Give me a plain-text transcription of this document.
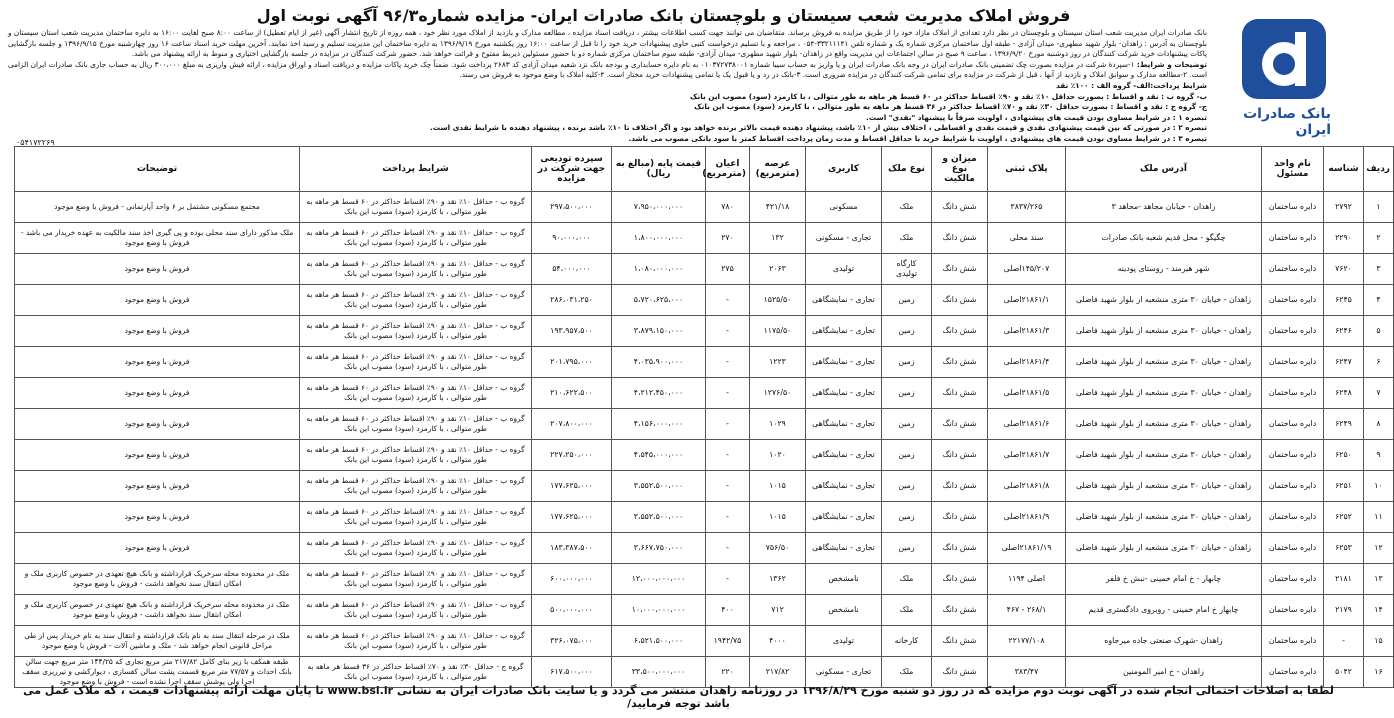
بانک صادرات ایران
فروش املاک مدیریت شعب سیستان و بلوچستان بانک صادرات ایران- مزایده شماره۹۶/۳ آگهی نوبت اول

بانک صادرات ایران مدیریت شعب استان سیستان و بلوچستان در نظر دارد تعدادی از املاک مازاد خود را از طریق مزایده به فروش برساند. متقاضیان می توانند جهت کسب اطلاعات بیشتر ، دریافت اسناد مزایده ، مطالعه مدارک و بازدید از املاک مورد نظر خود ، همه روزه از تاریخ انتشار آگهی (غیر از ایام تعطیل) از ساعت ۸:۰۰ صبح لغایت ۱۶:۰۰ به دایره ساختمان مدیریت شعب استان سیستان و بلوچستان به آدرس : زاهدان- بلوار شهید مطهری- میدان آزادی - طبقه اول ساختمان مرکزی شماره یک و شماره تلفن ۳۳۲۱۱۱۴۱-۰۵۴ ، مراجعه و با تسلیم درخواست کتبی حاوی پیشنهادات خرید خود را تا قبل از ساعت ۱۶:۰۰ روز یکشنبه مورخ ۱۳۹۶/۹/۱۹ به دایره ساختمان این مدیریت تسلیم و رسید اخذ نمایند. آخرین مهلت خرید اسناد ساعت ۱۶ روز چهارشنبه مورخ ۱۳۹۶/۹/۱۵ و جلسه بازگشایی پاکات پیشنهادات خرید شرکت کنندگان در روز دوشنبه مورخ ۱۳۹۶/۹/۲۰ ، ساعت ۹ صبح در سالن اجتماعات این مدیریت واقع در زاهدان- بلوار شهید مطهری- میدان آزادی- طبقه سوم ساختمان مرکزی شماره دو با حضور مسئولین ذیربط مفتوح و قرائت خواهد شد. حضور شرکت کنندگان در مزایده در جلسه بازگشایی اختیاری و منوط به ارائه پیشنهاد می باشد.

توضیحات و شرایط: ۱-سپردۀ شرکت در مزایده بصورت چک تضمینی بانک صادرات ایران در وجه بانک صادرات ایران و یا واریز به حساب سیبا شماره ۰۱۰۳۷۲۷۳۸۰۰۱ به نام دایره حسابداری و بودجه بانک نزد شعبه میدان آزادی کد ۲۶۸۳ پرداخت شود. ضمناً چک خرید پاکات مزایده و دریافت اسناد و اوراق مزایده ، ارائه فیش واریزی به مبلغ ۳۰۰،۰۰۰ ریال به حساب جاری بانک صادرات ایران الزامی است. ۲-مطالعه مدارک و سوابق املاک و بازدید از آنها ، قبل از شرکت در مزایده برای تمامی شرکت کنندگان در مزایده ضروری است. ۳-بانک در رد و یا قبول یک یا تمامی پیشنهادات خرید مختار است. ۴-کلیه املاک با وضع موجود به فروش می رسند.

شرایط پرداخت:الف- گروه الف : ۱۰۰٪ نقد

ب- گروه ب : نقد و اقساط : بصورت حداقل ۱۰٪ نقد و ۹۰٪ اقساط حداکثر در ۶۰ قسط هر ماهه به طور متوالی ، با کارمزد (سود) مصوب این بانک

ج- گروه ج : نقد و اقساط : بصورت حداقل ۳۰٪ نقد و ۷۰٪ اقساط حداکثر در ۳۶ قسط هر ماهه به طور متوالی ، با کارمزد (سود) مصوب این بانک

تبصره ۱ : در شرایط مساوی بودن قیمت های پیشنهادی ، اولویت صرفاً با پیشنهاد "نقدی" است.

تبصره ۲ : در صورتی که بین قیمت پیشنهادی نقدی و قیمت نقدی و اقساطی ، اختلاف بیش از ۱۰٪ باشد، پیشنهاد دهنده قیمت بالاتر برنده خواهد بود و اگر اختلاف تا ۱۰٪ باشد برنده ، پیشنهاد دهنده با شرایط نقدی است.

تبصره ۳ : در شرایط مساوی بودن قیمت های پیشنهادی ، اولویت با شرایط خرید با حداقل اقساط و مدت زمان پرداخت اقساط کمتر با سود بانکی مصوب می باشد.

۰۵۴۱۷۲۲۶۹
ردیف	شناسه	نام واحد مسئول	آدرس ملک	پلاک ثبتی	میزان و نوع مالکیت	نوع ملک	کاربری	عرصه (مترمربع)	اعیان (مترمربع)	قیمت پایه (مبالغ به ریال)	سپرده تودیعی جهت شرکت در مزایده	شرایط پرداخت	توضیحات
۱	۲۷۹۲	دایره ساختمان	زاهدان - خیابان مجاهد -مجاهد ۳	۳۸۳۷/۲۶۵	شش دانگ	ملک	مسکونی	۴۲۱/۱۸	۷۸۰	۷،۹۵۰،۰۰۰،۰۰۰	۲۹۷،۵۰۰،۰۰۰	گروه ب - حداقل ۱۰٪ نقد و ۹۰٪ اقساط حداکثر در ۶۰ قسط هر ماهه به طور متوالی ، با کارمزد (سود) مصوب این بانک	مجتمع مسکونی مشتمل بر ۶ واحد آپارتمانی - فروش با وضع موجود
۲	۲۲۹۰	دایره ساختمان	چگیگو - محل قدیم شعبه بانک صادرات	سند محلی	شش دانگ	ملک	تجاری - مسکونی	۱۳۲	۲۷۰	۱،۸۰۰،۰۰۰،۰۰۰	۹۰،۰۰۰،۰۰۰	گروه ب - حداقل ۱۰٪ نقد و ۹۰٪ اقساط حداکثر در ۶۰ قسط هر ماهه به طور متوالی ، با کارمزد (سود) مصوب این بانک	ملک مذکور دارای سند محلی بوده و پی گیری اخذ سند مالکیت به عهده خریدار می باشد - فروش با وضع موجود
۳	۷۶۲۰	دایره ساختمان	شهر هیرمند - روستای پودینه	۱۴۵/۲۰۷اصلی	شش دانگ	کارگاه تولیدی	تولیدی	۲۰۶۳	۲۷۵	۱،۰۸۰،۰۰۰،۰۰۰	۵۴،۰۰۰،۰۰۰	گروه ب - حداقل ۱۰٪ نقد و ۹۰٪ اقساط حداکثر در ۶۰ قسط هر ماهه به طور متوالی ، با کارمزد (سود) مصوب این بانک	فروش با وضع موجود
۴	۶۲۴۵	دایره ساختمان	زاهدان - خیابان ۳۰ متری منشعبه از بلوار شهید فاضلی	۲۱۸۶۱/۱اصلی	شش دانگ	زمین	تجاری - نمایشگاهی	۱۵۲۵/۵۰	-	۵،۷۲۰،۶۲۵،۰۰۰	۲۸۶،۰۳۱،۲۵۰	گروه ب - حداقل ۱۰٪ نقد و ۹۰٪ اقساط حداکثر در ۶۰ قسط هر ماهه به طور متوالی ، با کارمزد (سود) مصوب این بانک	فروش با وضع موجود
۵	۶۲۴۶	دایره ساختمان	زاهدان - خیابان ۳۰ متری منشعبه از بلوار شهید فاضلی	۲۱۸۶۱/۳اصلی	شش دانگ	زمین	تجاری - نمایشگاهی	۱۱۷۵/۵۰	-	۳،۸۷۹،۱۵۰،۰۰۰	۱۹۳،۹۵۷،۵۰۰	گروه ب - حداقل ۱۰٪ نقد و ۹۰٪ اقساط حداکثر در ۶۰ قسط هر ماهه به طور متوالی ، با کارمزد (سود) مصوب این بانک	فروش با وضع موجود
۶	۶۲۴۷	دایره ساختمان	زاهدان - خیابان ۳۰ متری منشعبه از بلوار شهید فاضلی	۲۱۸۶۱/۴اصلی	شش دانگ	زمین	تجاری - نمایشگاهی	۱۲۲۳	-	۴،۰۳۵،۹۰۰،۰۰۰	۲۰۱،۷۹۵،۰۰۰	گروه ب - حداقل ۱۰٪ نقد و ۹۰٪ اقساط حداکثر در ۶۰ قسط هر ماهه به طور متوالی ، با کارمزد (سود) مصوب این بانک	فروش با وضع موجود
۷	۶۲۴۸	دایره ساختمان	زاهدان - خیابان ۳۰ متری منشعبه از بلوار شهید فاضلی	۲۱۸۶۱/۵اصلی	شش دانگ	زمین	تجاری - نمایشگاهی	۱۲۷۶/۵۰	-	۴،۲۱۲،۴۵۰،۰۰۰	۲۱۰،۶۲۲،۵۰۰	گروه ب - حداقل ۱۰٪ نقد و ۹۰٪ اقساط حداکثر در ۶۰ قسط هر ماهه به طور متوالی ، با کارمزد (سود) مصوب این بانک	فروش با وضع موجود
۸	۶۲۴۹	دایره ساختمان	زاهدان - خیابان ۳۰ متری منشعبه از بلوار شهید فاضلی	۲۱۸۶۱/۶اصلی	شش دانگ	زمین	تجاری - نمایشگاهی	۱۰۲۹	-	۴،۱۵۶،۰۰۰،۰۰۰	۲۰۷،۸۰۰،۰۰۰	گروه ب - حداقل ۱۰٪ نقد و ۹۰٪ اقساط حداکثر در ۶۰ قسط هر ماهه به طور متوالی ، با کارمزد (سود) مصوب این بانک	فروش با وضع موجود
۹	۶۲۵۰	دایره ساختمان	زاهدان - خیابان ۳۰ متری منشعبه از بلوار شهید فاضلی	۲۱۸۶۱/۷اصلی	شش دانگ	زمین	تجاری - نمایشگاهی	۱۰۲۰	-	۴،۵۴۵،۰۰۰،۰۰۰	۲۲۷،۲۵۰،۰۰۰	گروه ب - حداقل ۱۰٪ نقد و ۹۰٪ اقساط حداکثر در ۶۰ قسط هر ماهه به طور متوالی ، با کارمزد (سود) مصوب این بانک	فروش با وضع موجود
۱۰	۶۲۵۱	دایره ساختمان	زاهدان - خیابان ۳۰ متری منشعبه از بلوار شهید فاضلی	۲۱۸۶۱/۸اصلی	شش دانگ	زمین	تجاری - نمایشگاهی	۱۰۱۵	-	۳،۵۵۲،۵۰۰،۰۰۰	۱۷۷،۶۲۵،۰۰۰	گروه ب - حداقل ۱۰٪ نقد و ۹۰٪ اقساط حداکثر در ۶۰ قسط هر ماهه به طور متوالی ، با کارمزد (سود) مصوب این بانک	فروش با وضع موجود
۱۱	۶۲۵۲	دایره ساختمان	زاهدان - خیابان ۳۰ متری منشعبه از بلوار شهید فاضلی	۲۱۸۶۱/۹اصلی	شش دانگ	زمین	تجاری - نمایشگاهی	۱۰۱۵	-	۳،۵۵۲،۵۰۰،۰۰۰	۱۷۷،۶۲۵،۰۰۰	گروه ب - حداقل ۱۰٪ نقد و ۹۰٪ اقساط حداکثر در ۶۰ قسط هر ماهه به طور متوالی ، با کارمزد (سود) مصوب این بانک	فروش با وضع موجود
۱۲	۶۲۵۳	دایره ساختمان	زاهدان - خیابان ۳۰ متری منشعبه از بلوار شهید فاضلی	۲۱۸۶۱/۱۹اصلی	شش دانگ	زمین	تجاری - نمایشگاهی	۷۵۶/۵۰	-	۳،۶۶۷،۷۵۰،۰۰۰	۱۸۳،۳۸۷،۵۰۰	گروه ب - حداقل ۱۰٪ نقد و ۹۰٪ اقساط حداکثر در ۶۰ قسط هر ماهه به طور متوالی ، با کارمزد (سود) مصوب این بانک	فروش با وضع موجود
۱۳	۲۱۸۱	دایره ساختمان	چابهار - خ امام خمینی -نبش خ فلفر	اصلی ۱۱۹۴	شش دانگ	ملک	نامشخص	۱۳۶۲	-	۱۲،۰۰۰،۰۰۰،۰۰۰	۶۰۰،۰۰۰،۰۰۰	گروه ب - حداقل ۱۰٪ نقد و ۹۰٪ اقساط حداکثر در ۶۰ قسط هر ماهه به طور متوالی ، با کارمزد (سود) مصوب این بانک	ملک در محدوده محله سرخریک قرارداشته و بانک هیچ تعهدی در خصوص کاربری ملک و امکان انتقال سند نخواهد داشت - فروش با وضع موجود
۱۴	۲۱۷۹	دایره ساختمان	چابهار خ امام خمینی - روبروی دادگستری قدیم	۲۶۸/۱ - ۴۶۷	شش دانگ	ملک	نامشخص	۷۱۲	۴۰۰	۱۰،۰۰۰،۰۰۰،۰۰۰	۵۰۰،۰۰۰،۰۰۰	گروه ب - حداقل ۱۰٪ نقد و ۹۰٪ اقساط حداکثر در ۶۰ قسط هر ماهه به طور متوالی ، با کارمزد (سود) مصوب این بانک	ملک در محدوده محله سرخریک قرارداشته و بانک هیچ تعهدی در خصوص کاربری ملک و امکان انتقال سند نخواهد داشت - فروش با وضع موجود
۱۵	-	دایره ساختمان	زاهدان -شهرک صنعتی جاده میرجاوه	۲۲۱۷۷/۱۰۸	شش دانگ	کارخانه	تولیدی	۴۰۰۰	۱۹۴۲/۷۵	۶،۵۲۱،۵۰۰،۰۰۰	۳۲۶،۰۷۵،۰۰۰	گروه ب - حداقل ۱۰٪ نقد و ۹۰٪ اقساط حداکثر در ۶۰ قسط هر ماهه به طور متوالی ، با کارمزد (سود) مصوب این بانک	ملک در مرحله انتقال سند به نام بانک قرارداشته و انتقال سند به نام خریدار پس از طی مراحل قانونی انجام خواهد شد - ملک و ماشین آلات - فروش با وضع موجود
۱۶	۵۰۴۲	دایره ساختمان	زاهدان - خ امیر المومنین	۳۸۳/۴۷	شش دانگ	ملک	تجاری - مسکونی	۲۱۷/۸۲	۲۲۰	۳۳،۵۰۰،۰۰۰،۰۰۰	۶۱۷،۵۰۰،۰۰۰	گروه ج - حداقل ۳۰٪ نقد و ۷۰٪ اقساط حداکثر در ۳۶ قسط هر ماهه به طور متوالی ، با کارمزد (سود) مصوب این بانک	طبقه همکف با زیر بنای کامل ۲۱۷/۸۲ متر مربع تجاری که ۱۴۴/۲۵ متر مربع جهت سالن بانک احداث و ۷۷/۵۷ متر مربع قسمت پشت سالن کفسازی ، دیوارکشی و تیرریزی سقف اجرا ولی پوشش سقف اجرا نشده است - فروش با وضع موجود
لطفا به اصلاحات احتمالی انجام شده در آگهی نوبت دوم مزایده که در روز دو شنبه مورخ ۱۳۹۶/۸/۲۹ در روزنامه زاهدان منتشر می گردد و یا سایت بانک صادرات ایران به نشانی www.bsi.ir تا پایان مهلت ارائه پیشنهادات قیمت ، که ملاک عمل می باشد توجه فرمایید/
